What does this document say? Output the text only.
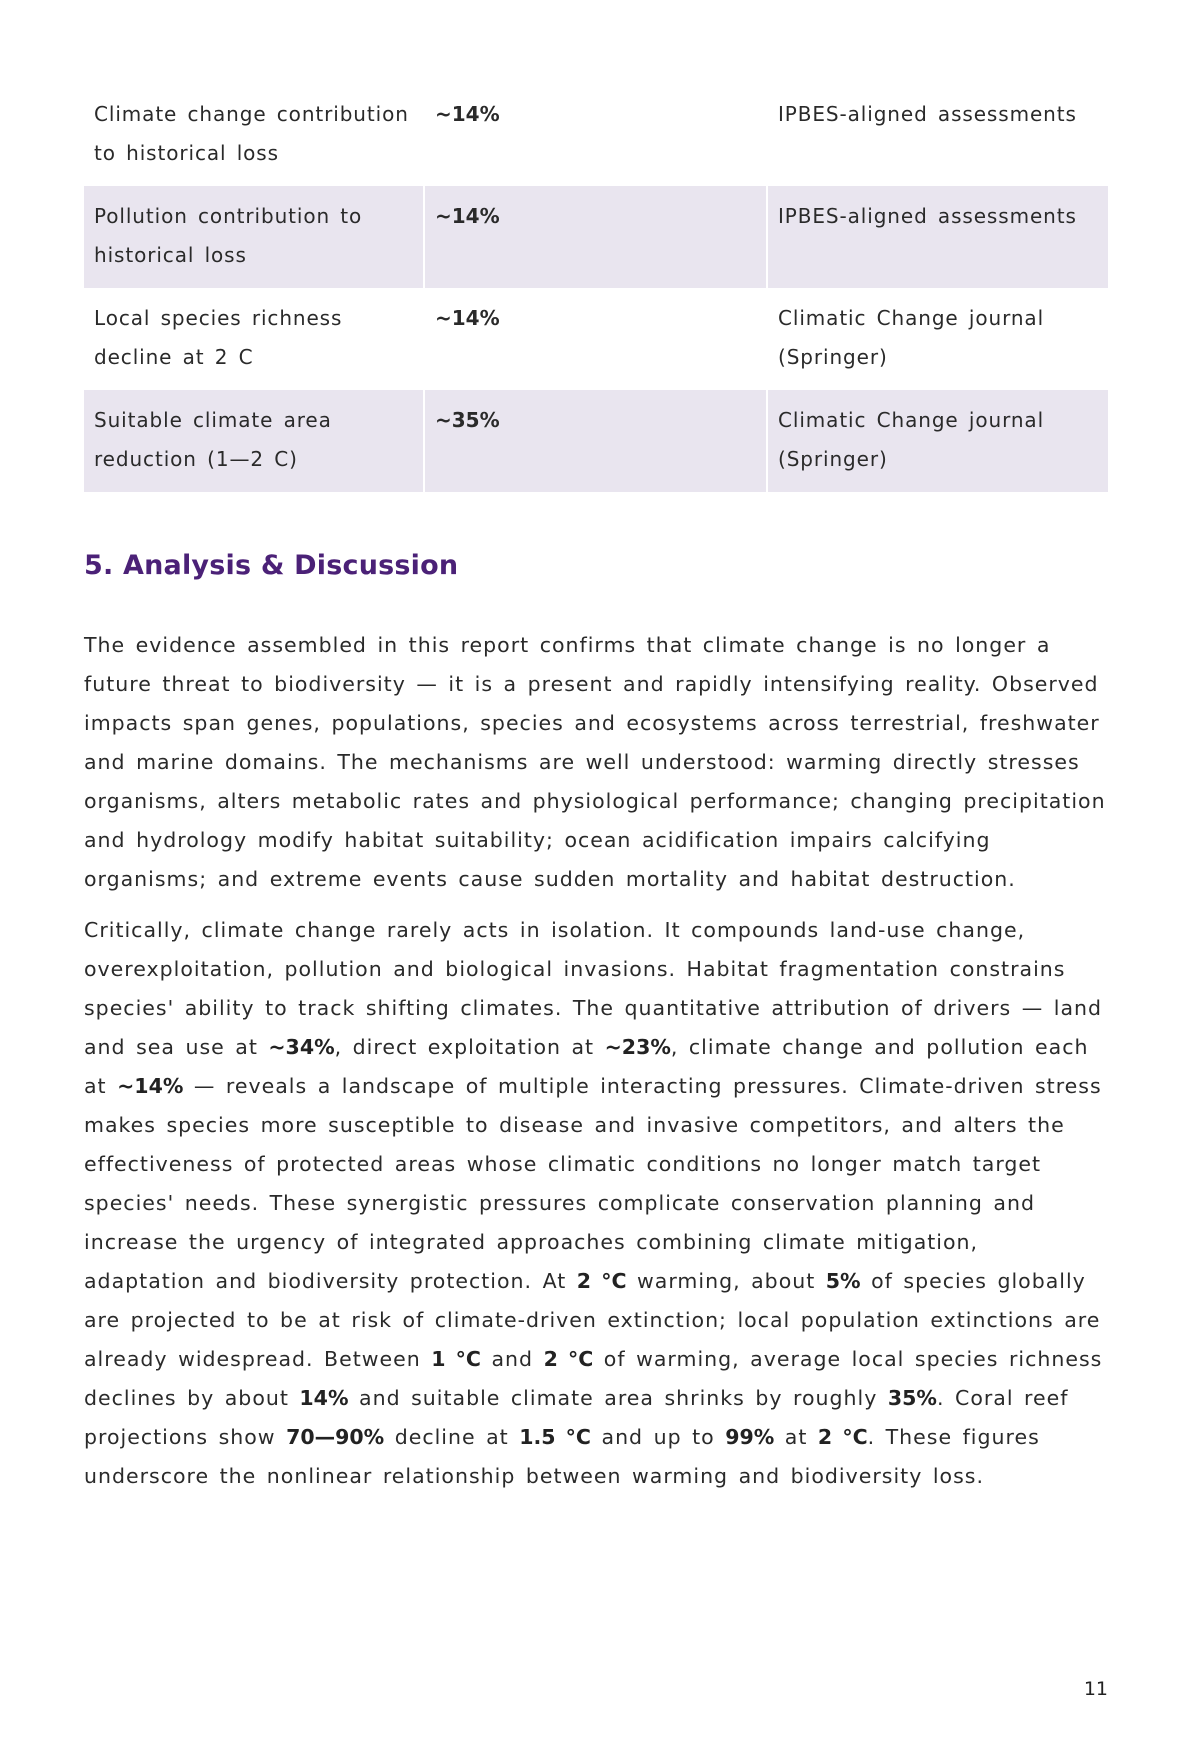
Climate change contribution to historical loss	~14%	IPBES-aligned assessments
Pollution contribution to historical loss	~14%	IPBES-aligned assessments
Local species richness decline at 2 C	~14%	Climatic Change journal (Springer)
Suitable climate area reduction (1—2 C)	~35%	Climatic Change journal (Springer)
5. Analysis & Discussion

The evidence assembled in this report confirms that climate change is no longer a future threat to biodiversity — it is a present and rapidly intensifying reality. Observed impacts span genes, populations, species and ecosystems across terrestrial, freshwater and marine domains. The mechanisms are well understood: warming directly stresses organisms, alters metabolic rates and physiological performance; changing precipitation and hydrology modify habitat suitability; ocean acidification impairs calcifying organisms; and extreme events cause sudden mortality and habitat destruction.

Critically, climate change rarely acts in isolation. It compounds land-use change, overexploitation, pollution and biological invasions. Habitat fragmentation constrains species' ability to track shifting climates. The quantitative attribution of drivers — land and sea use at ~34%, direct exploitation at ~23%, climate change and pollution each at ~14% — reveals a landscape of multiple interacting pressures. Climate-driven stress makes species more susceptible to disease and invasive competitors, and alters the effectiveness of protected areas whose climatic conditions no longer match target species' needs. These synergistic pressures complicate conservation planning and increase the urgency of integrated approaches combining climate mitigation, adaptation and biodiversity protection. At 2 °C warming, about 5% of species globally are projected to be at risk of climate-driven extinction; local population extinctions are already widespread. Between 1 °C and 2 °C of warming, average local species richness declines by about 14% and suitable climate area shrinks by roughly 35%. Coral reef projections show 70—90% decline at 1.5 °C and up to 99% at 2 °C. These figures underscore the nonlinear relationship between warming and biodiversity loss.

11
